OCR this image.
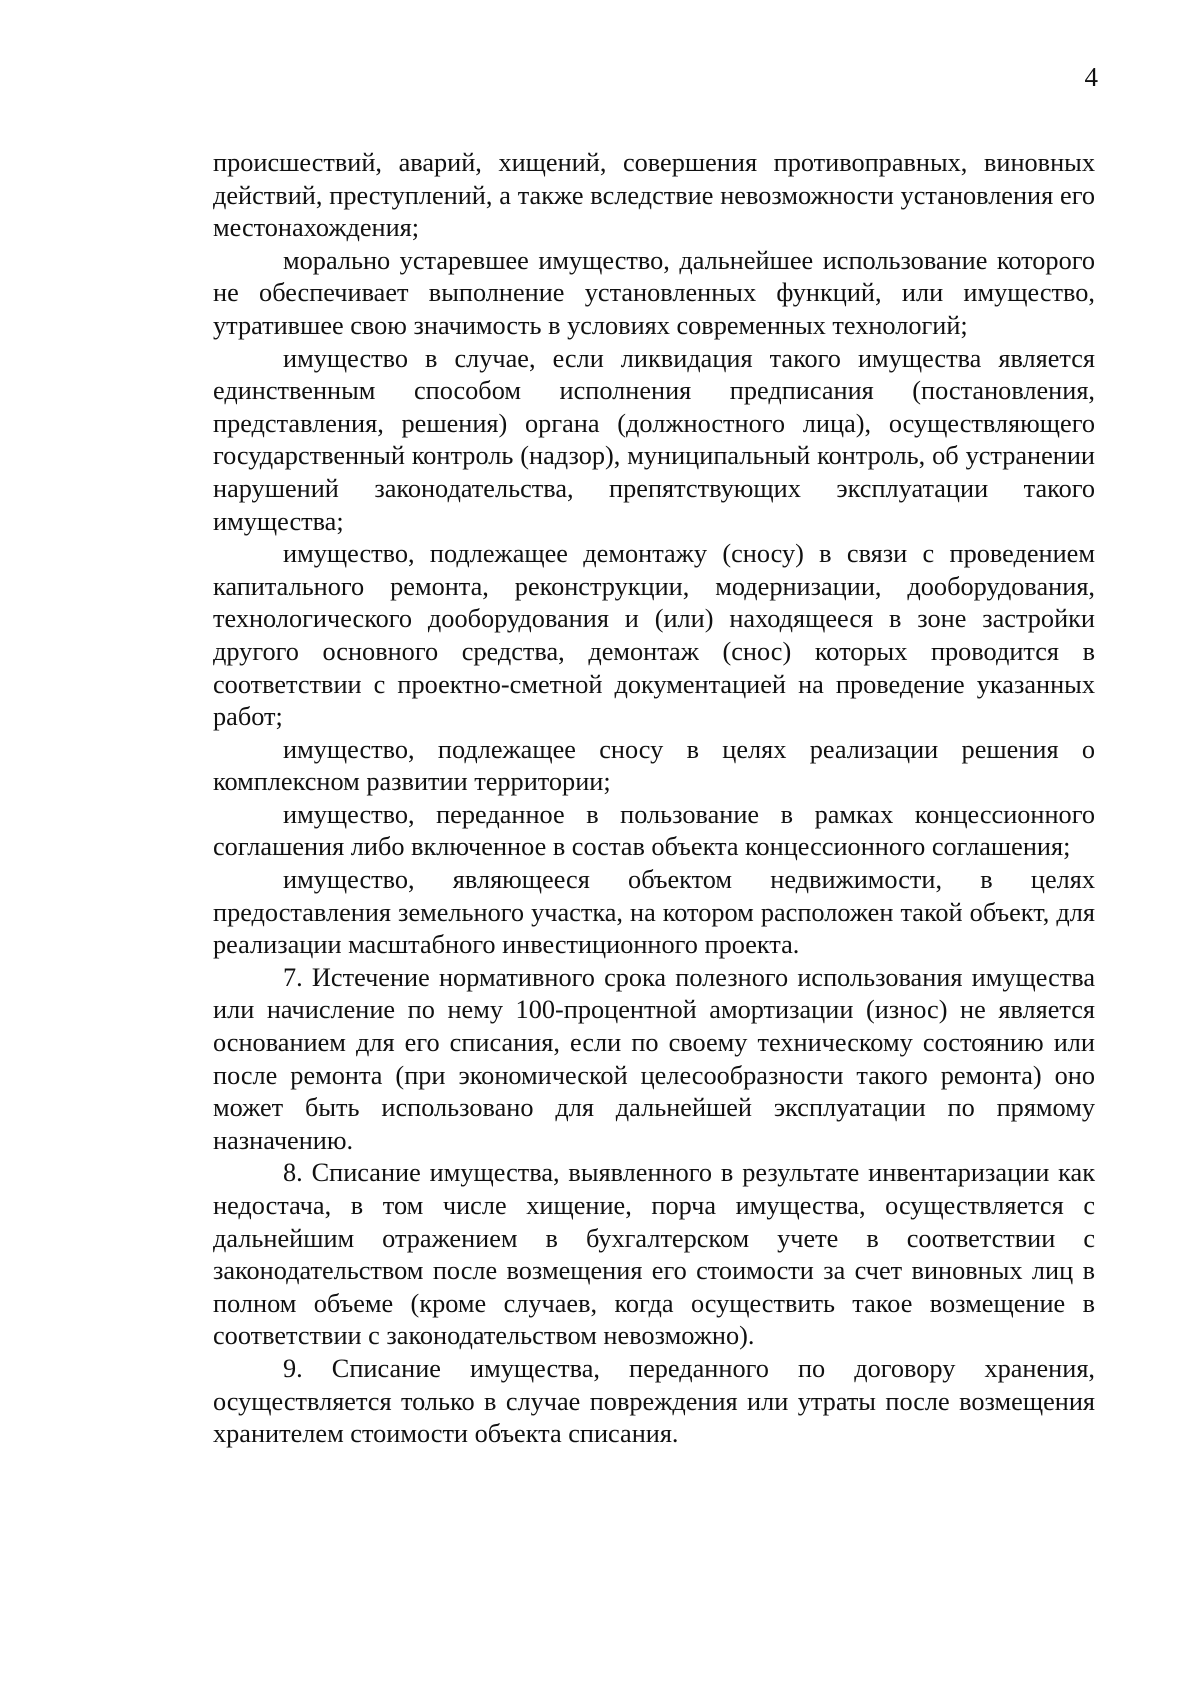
4

происшествий, аварий, хищений, совершения противоправных, виновных действий, преступлений, а также вследствие невозможности установления его местонахождения;

морально устаревшее имущество, дальнейшее использование которого не обеспечивает выполнение установленных функций, или имущество, утратившее свою значимость в условиях современных технологий;

имущество в случае, если ликвидация такого имущества является единственным способом исполнения предписания (постановления, представления, решения) органа (должностного лица), осуществляющего государственный контроль (надзор), муниципальный контроль, об устранении нарушений законодательства, препятствующих эксплуатации такого имущества;

имущество, подлежащее демонтажу (сносу) в связи с проведением капитального ремонта, реконструкции, модернизации, дооборудования, технологического дооборудования и (или) находящееся в зоне застройки другого основного средства, демонтаж (снос) которых проводится в соответствии с проектно-сметной документацией на проведение указанных работ;

имущество, подлежащее сносу в целях реализации решения о комплексном развитии территории;

имущество, переданное в пользование в рамках концессионного соглашения либо включенное в состав объекта концессионного соглашения;

имущество, являющееся объектом недвижимости, в целях предоставления земельного участка, на котором расположен такой объект, для реализации масштабного инвестиционного проекта.

7. Истечение нормативного срока полезного использования имущества или начисление по нему 100-процентной амортизации (износ) не является основанием для его списания, если по своему техническому состоянию или после ремонта (при экономической целесообразности такого ремонта) оно может быть использовано для дальнейшей эксплуатации по прямому назначению.

8. Списание имущества, выявленного в результате инвентаризации как недостача, в том числе хищение, порча имущества, осуществляется с дальнейшим отражением в бухгалтерском учете в соответствии с законодательством после возмещения его стоимости за счет виновных лиц в полном объеме (кроме случаев, когда осуществить такое возмещение в соответствии с законодательством невозможно).

9. Списание имущества, переданного по договору хранения, осуществляется только в случае повреждения или утраты после возмещения хранителем стоимости объекта списания.
